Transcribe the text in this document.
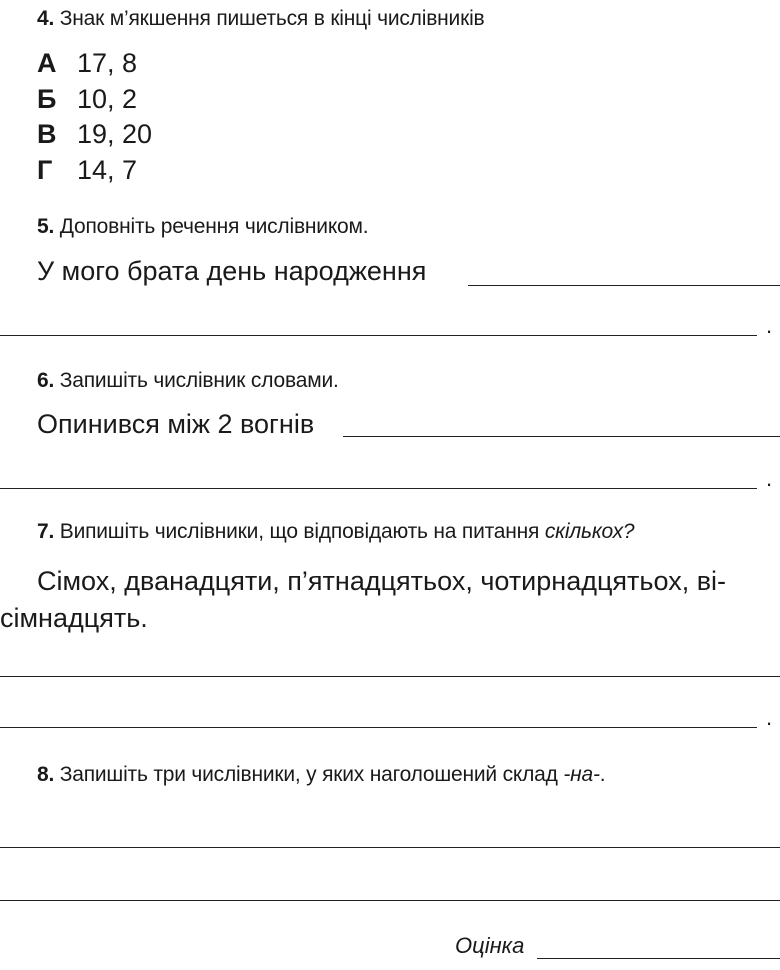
4. Знак м’якшення пишеться в кінці числівників
А 17, 8
Б 10, 2
В 19, 20
Г 14, 7
5. Доповніть речення числівником.
У мого брата день народження
.
6. Запишіть числівник словами.
Опинився між 2 вогнів
.
7. Випишіть числівники, що відповідають на питання скількох?
Сімох, дванадцяти, п’ятнадцятьох, чотирнадцятьох, ві-
сімнадцять.
.
8. Запишіть три числівники, у яких наголошений склад -на-.
Оцінка
